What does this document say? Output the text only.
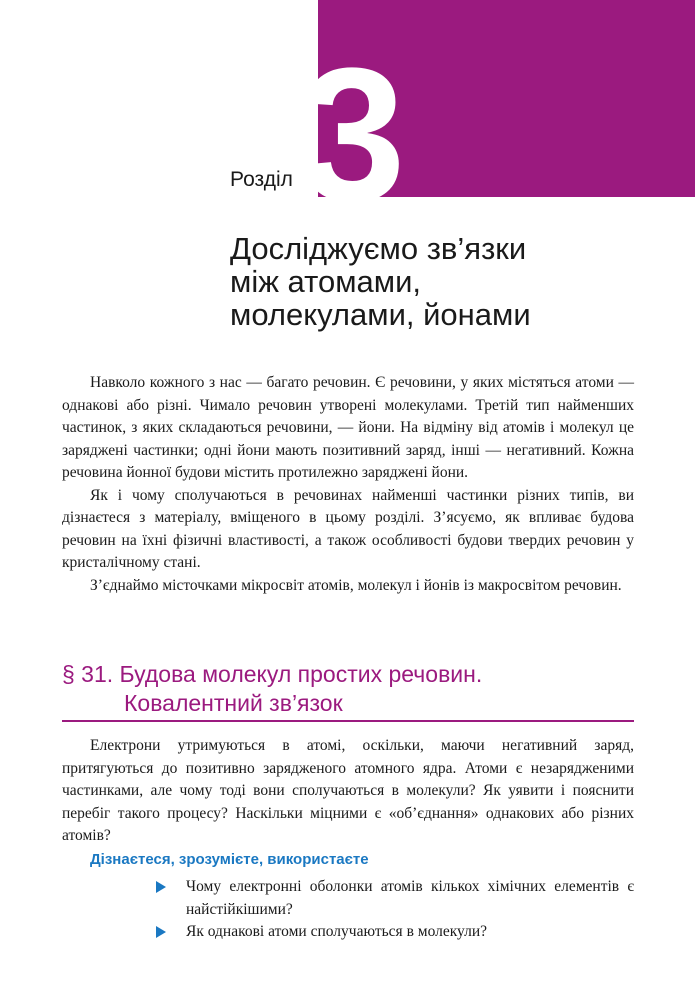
3
Розділ
Досліджуємо зв’язки
між атомами,
молекулами, йонами

Навколо кожного з нас — багато речовин. Є речовини, у яких містяться атоми — однакові або різні. Чимало речовин утворені молекулами. Третій тип найменших частинок, з яких складаються речовини, — йони. На відміну від атомів і молекул це заряджені частинки; одні йони мають позитивний заряд, інші — негативний. Кожна речовина йонної будови містить протилежно заряджені йони.

Як і чому сполучаються в речовинах найменші частинки різних типів, ви дізнаєтеся з матеріалу, вміщеного в цьому розділі. З’ясуємо, як впливає будова речовин на їхні фізичні властивості, а також особливості будови твердих речовин у кристалічному стані.

З’єднаймо місточками мікросвіт атомів, молекул і йонів із макросвітом речовин.

§ 31. Будова молекул простих речовин.
Ковалентний зв’язок

Електрони утримуються в атомі, оскільки, маючи негативний заряд, притягуються до позитивно зарядженого атомного ядра. Атоми є незарядженими частинками, але чому тоді вони сполучаються в молекули? Як уявити і пояснити перебіг такого процесу? Наскільки міцними є «об’єднання» однакових або різних атомів?

Дізнаєтеся, зрозумієте, використаєте
Чому електронні оболонки атомів кількох хімічних елементів є найстійкішими?
Як однакові атоми сполучаються в молекули?
